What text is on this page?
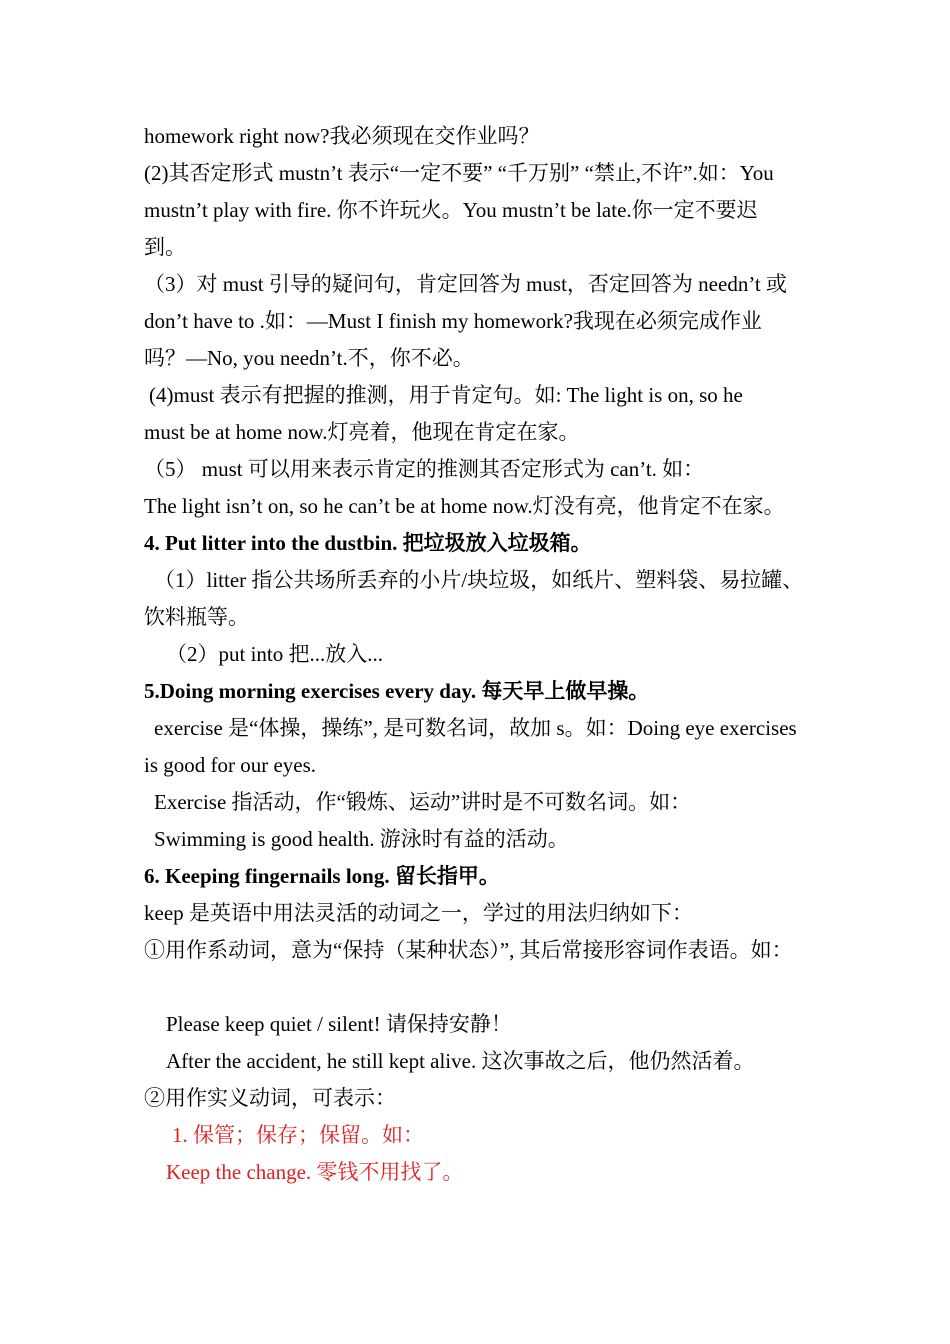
homework right now?我必须现在交作业吗？
(2)其否定形式 mustn’t 表示“一定不要” “千万别” “禁止,不许”.如：You
mustn’t play with fire. 你不许玩火。You mustn’t be late.你一定不要迟
到。
（3）对 must 引导的疑问句，肯定回答为 must，否定回答为 needn’t 或
don’t have to .如：—Must I finish my homework?我现在必须完成作业
吗？—No, you needn’t.不，你不必。
(4)must 表示有把握的推测，用于肯定句。如: The light is on, so he
must be at home now.灯亮着，他现在肯定在家。
（5） must 可以用来表示肯定的推测其否定形式为 can’t. 如：
The light isn’t on, so he can’t be at home now.灯没有亮，他肯定不在家。
4. Put litter into the dustbin. 把垃圾放入垃圾箱。
（1）litter 指公共场所丢弃的小片/块垃圾，如纸片、塑料袋、易拉罐、
饮料瓶等。
（2）put into 把...放入...
5.Doing morning exercises every day. 每天早上做早操。
exercise 是“体操，操练”, 是可数名词，故加 s。如：Doing eye exercises
is good for our eyes.
Exercise 指活动，作“锻炼、运动”讲时是不可数名词。如：
Swimming is good health. 游泳时有益的活动。
6. Keeping fingernails long. 留长指甲。
keep 是英语中用法灵活的动词之一，学过的用法归纳如下：
①用作系动词，意为“保持（某种状态）”, 其后常接形容词作表语。如：
Please keep quiet / silent! 请保持安静！
After the accident, he still kept alive. 这次事故之后，他仍然活着。
②用作实义动词，可表示：
1. 保管；保存；保留。如：
Keep the change. 零钱不用找了。
